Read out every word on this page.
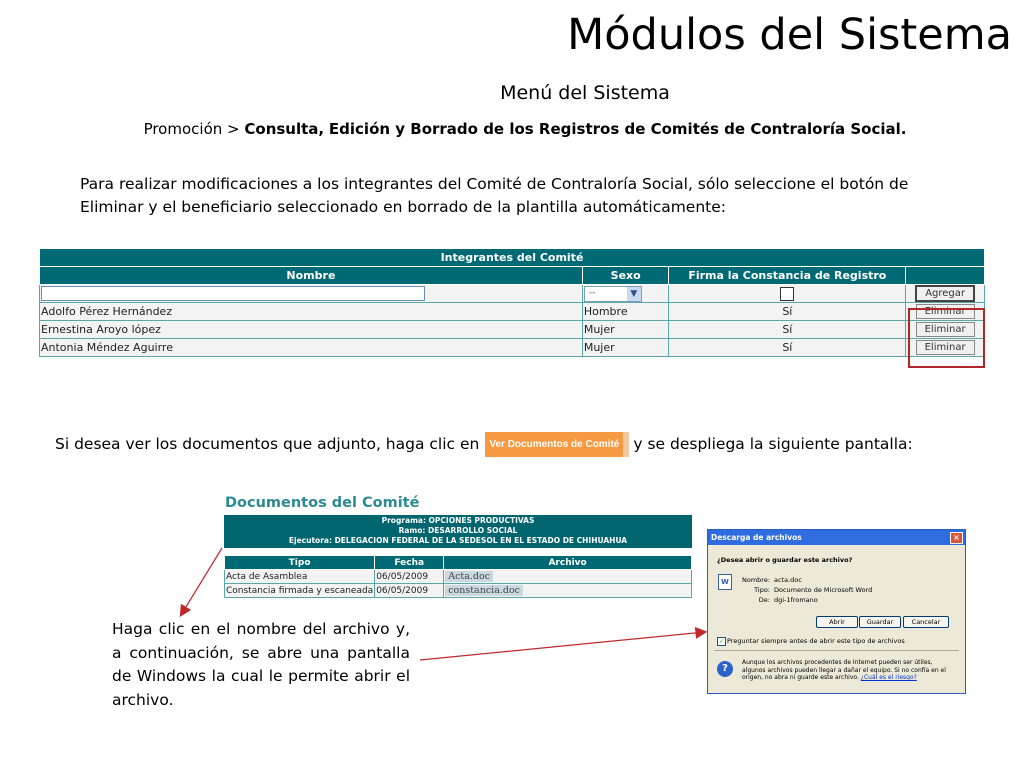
Módulos del Sistema
Menú del Sistema
Promoción > Consulta, Edición y Borrado de los Registros de Comités de Contraloría Social.
Para realizar modificaciones a los integrantes del Comité de Contraloría Social, sólo seleccione el botón de Eliminar y el beneficiario seleccionado en borrado de la plantilla automáticamente:
Integrantes del Comité			
Nombre	Sexo	Firma la Constancia de Registro	

	-- ▼		Agregar
Adolfo Pérez Hernández	Hombre	Sí	Eliminar
Ernestina Aroyo lópez	Mujer	Sí	Eliminar
Antonia Méndez Aguirre	Mujer	Sí	Eliminar
Si desea ver los documentos que adjunto, haga clic en Ver Documentos de Comité y se despliega la siguiente pantalla:
Documentos del Comité
Programa: OPCIONES PRODUCTIVAS
Ramo: DESARROLLO SOCIAL
Ejecutora: DELEGACION FEDERAL DE LA SEDESOL EN EL ESTADO DE CHIHUAHUA
Tipo	Fecha	Archivo
Acta de Asamblea	06/05/2009	Acta.doc
Constancia firmada y escaneada	06/05/2009	constancia.doc
Haga clic en el nombre del archivo y, a continuación, se abre una pantalla de Windows la cual le permite abrir el archivo.
Descarga de archivos	×
¿Desea abrir o guardar este archivo?
W	Nombre: acta.doc
Tipo: Documento de Microsoft Word
De: dgi-1fromano
Abrir	Guardar	Cancelar
✓ Preguntar siempre antes de abrir este tipo de archivos
?
Aunque los archivos procedentes de Internet pueden ser útiles, algunos archivos pueden llegar a dañar el equipo. Si no confía en el origen, no abra ni guarde este archivo. ¿Cuál es el riesgo?
